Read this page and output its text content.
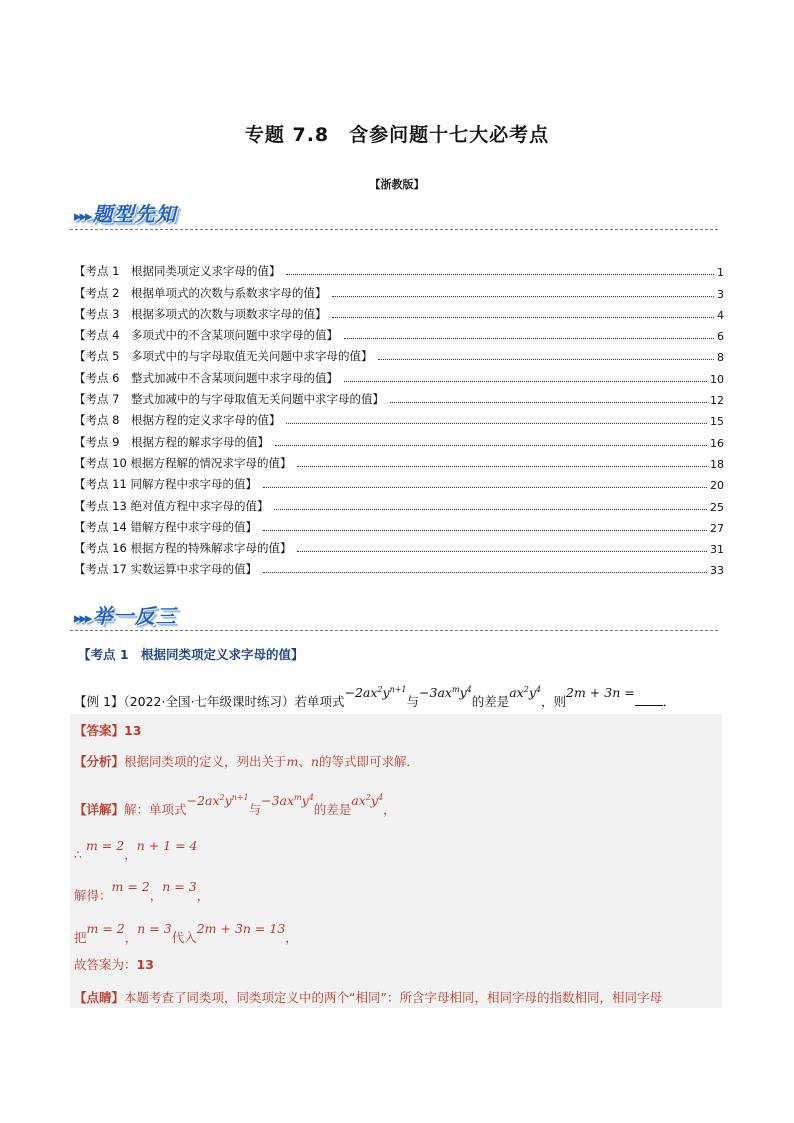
专题 7.8　含参问题十七大必考点
【浙教版】
▸▸▸ 题型先知
【考点 1　根据同类项定义求字母的值】	1
【考点 2　根据单项式的次数与系数求字母的值】	3
【考点 3　根据多项式的次数与项数求字母的值】	4
【考点 4　多项式中的不含某项问题中求字母的值】	6
【考点 5　多项式中的与字母取值无关问题中求字母的值】	8
【考点 6　整式加减中不含某项问题中求字母的值】	10
【考点 7　整式加减中的与字母取值无关问题中求字母的值】	12
【考点 8　根据方程的定义求字母的值】	15
【考点 9　根据方程的解求字母的值】	16
【考点 10 根据方程解的情况求字母的值】	18
【考点 11 同解方程中求字母的值】	20
【考点 13 绝对值方程中求字母的值】	25
【考点 14 错解方程中求字母的值】	27
【考点 16 根据方程的特殊解求字母的值】	31
【考点 17 实数运算中求字母的值】	33
▸▸▸ 举一反三
【考点 1　根据同类项定义求字母的值】
【例 1】（2022·全国·七年级课时练习）若单项式$-2ax^2y^{n+1}$与$-3ax^my^4$的差是$ax^2y^4$，则2m + 3n =．
【答案】13
【分析】根据同类项的定义，列出关于m、n的等式即可求解．
【详解】解：单项式$-2ax^2y^{n+1}$与$-3ax^my^4$的差是$ax^2y^4$，
∴ m = 2，n + 1 = 4
解得：m = 2，n = 3，
把m = 2，n = 3代入2m + 3n = 13，
故答案为：13
【点睛】本题考查了同类项，同类项定义中的两个“相同”：所含字母相同，相同字母的指数相同，相同字母
